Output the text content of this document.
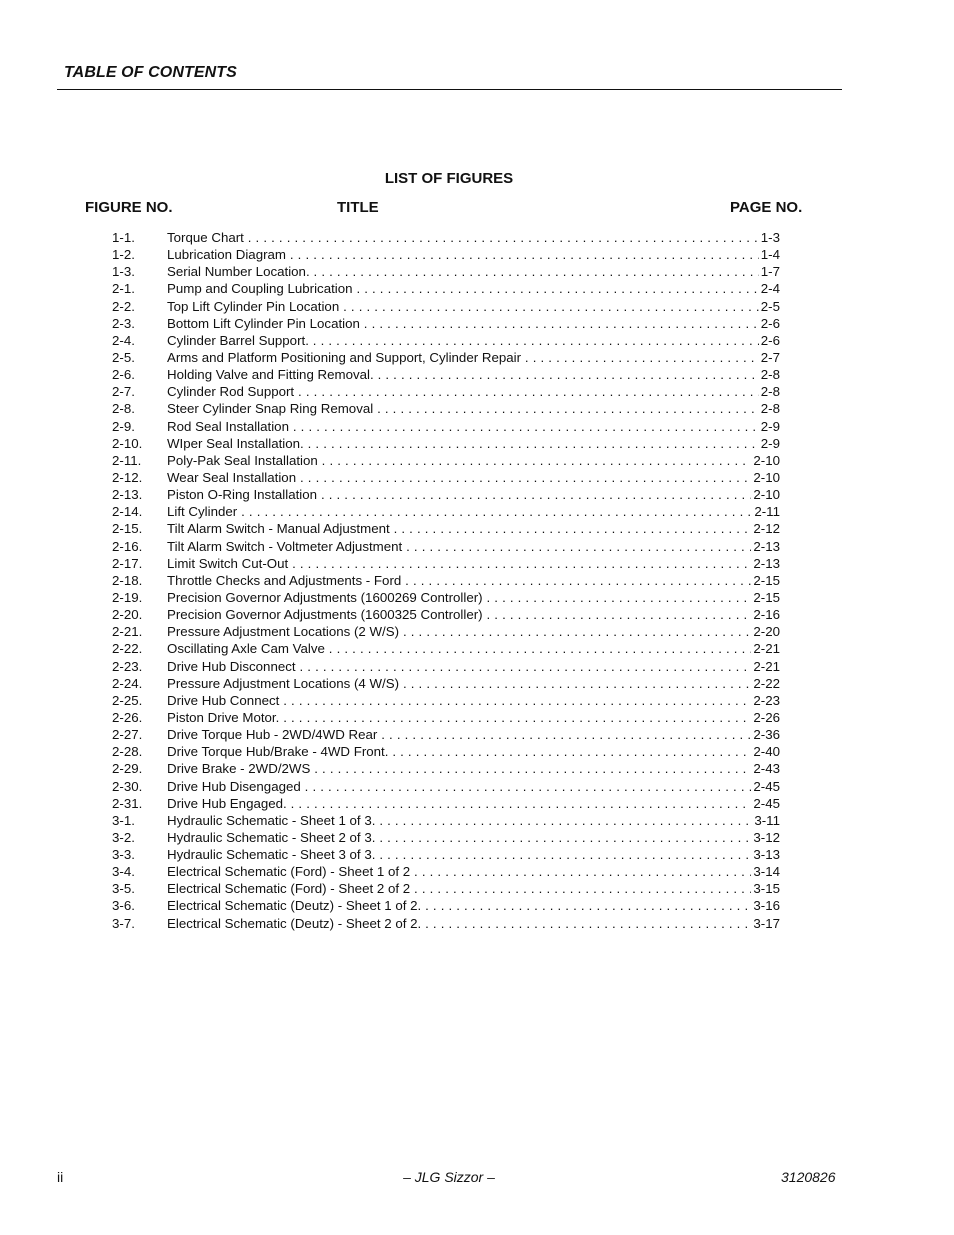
TABLE OF CONTENTS
LIST OF FIGURES
FIGURE NO.	TITLE	PAGE NO.
1-1. Torque Chart . . .	1-3
1-2. Lubrication Diagram . . .	1-4
1-3. Serial Number Location. . . .	1-7
2-1. Pump and Coupling Lubrication . . .	2-4
2-2. Top Lift Cylinder Pin Location . . .	2-5
2-3. Bottom Lift Cylinder Pin Location . . .	2-6
2-4. Cylinder Barrel Support. . . .	2-6
2-5. Arms and Platform Positioning and Support, Cylinder Repair . . .	2-7
2-6. Holding Valve and Fitting Removal. . . .	2-8
2-7. Cylinder Rod Support . . .	2-8
2-8. Steer Cylinder Snap Ring Removal . . .	2-8
2-9. Rod Seal Installation . . .	2-9
2-10. WIper Seal Installation. . . .	2-9
2-11. Poly-Pak Seal Installation . . .	2-10
2-12. Wear Seal Installation . . .	2-10
2-13. Piston O-Ring Installation . . .	2-10
2-14. Lift Cylinder . . .	2-11
2-15. Tilt Alarm Switch - Manual Adjustment . . .	2-12
2-16. Tilt Alarm Switch - Voltmeter Adjustment . . .	2-13
2-17. Limit Switch Cut-Out . . .	2-13
2-18. Throttle Checks and Adjustments - Ford . . .	2-15
2-19. Precision Governor Adjustments (1600269 Controller) . . .	2-15
2-20. Precision Governor Adjustments (1600325 Controller) . . .	2-16
2-21. Pressure Adjustment Locations (2 W/S) . . .	2-20
2-22. Oscillating Axle Cam Valve . . .	2-21
2-23. Drive Hub Disconnect . . .	2-21
2-24. Pressure Adjustment Locations (4 W/S) . . .	2-22
2-25. Drive Hub Connect . . .	2-23
2-26. Piston Drive Motor. . . .	2-26
2-27. Drive Torque Hub - 2WD/4WD Rear . . .	2-36
2-28. Drive Torque Hub/Brake - 4WD Front. . . .	2-40
2-29. Drive Brake - 2WD/2WS . . .	2-43
2-30. Drive Hub Disengaged . . .	2-45
2-31. Drive Hub Engaged. . . .	2-45
3-1. Hydraulic Schematic - Sheet 1 of 3. . . .	3-11
3-2. Hydraulic Schematic - Sheet 2 of 3. . . .	3-12
3-3. Hydraulic Schematic - Sheet 3 of 3. . . .	3-13
3-4. Electrical Schematic (Ford) - Sheet 1 of 2 . . .	3-14
3-5. Electrical Schematic (Ford) - Sheet 2 of 2 . . .	3-15
3-6. Electrical Schematic (Deutz) - Sheet 1 of 2. . . .	3-16
3-7. Electrical Schematic (Deutz) - Sheet 2 of 2. . . .	3-17
ii	– JLG Sizzor –	3120826
